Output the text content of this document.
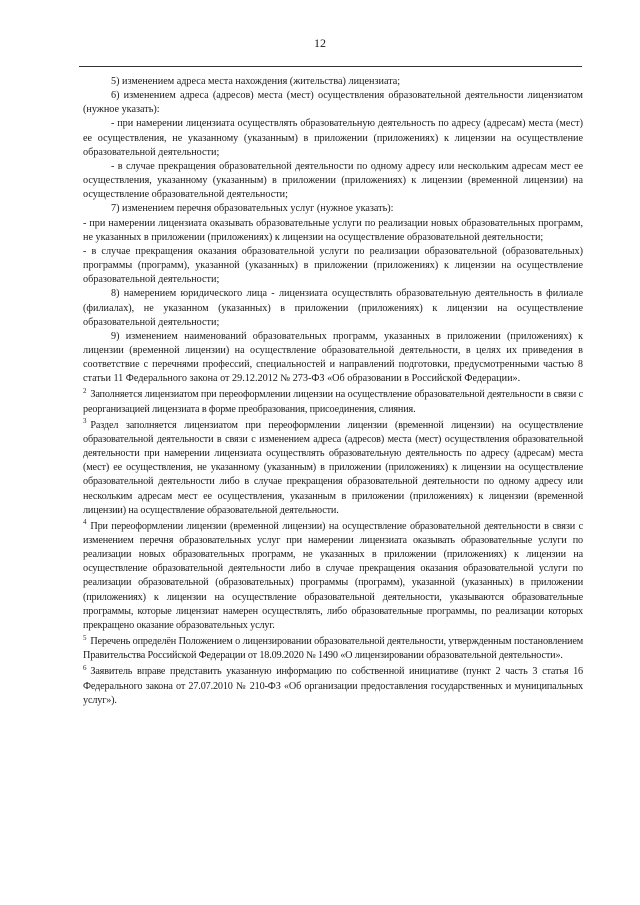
12

5) изменением адреса места нахождения (жительства) лицензиата;

6) изменением адреса (адресов) места (мест) осуществления образовательной деятельности лицензиатом (нужное указать):

- при намерении лицензиата осуществлять образовательную деятельность по адресу (адресам) места (мест) ее осуществления, не указанному (указанным) в приложении (приложениях) к лицензии на осуществление образовательной деятельности;

- в случае прекращения образовательной деятельности по одному адресу или нескольким адресам мест ее осуществления, указанному (указанным) в приложении (приложениях) к лицензии (временной лицензии) на осуществление образовательной деятельности;

7) изменением перечня образовательных услуг (нужное указать):

- при намерении лицензиата оказывать образовательные услуги по реализации новых образовательных программ, не указанных в приложении (приложениях) к лицензии на осуществление образовательной деятельности;

- в случае прекращения оказания образовательной услуги по реализации образовательной (образовательных) программы (программ), указанной (указанных) в приложении (приложениях) к лицензии на осуществление образовательной деятельности;

8) намерением юридического лица - лицензиата осуществлять образовательную деятельность в филиале (филиалах), не указанном (указанных) в приложении (приложениях) к лицензии на осуществление образовательной деятельности;

9) изменением наименований образовательных программ, указанных в приложении (приложениях) к лицензии (временной лицензии) на осуществление образовательной деятельности, в целях их приведения в соответствие с перечнями профессий, специальностей и направлений подготовки, предусмотренными частью 8 статьи 11 Федерального закона от 29.12.2012 № 273-ФЗ «Об образовании в Российской Федерации».

$^2$ Заполняется лицензиатом при переоформлении лицензии на осуществление образовательной деятельности в связи с реорганизацией лицензиата в форме преобразования, присоединения, слияния.

$^3$ Раздел заполняется лицензиатом при переоформлении лицензии (временной лицензии) на осуществление образовательной деятельности в связи с изменением адреса (адресов) места (мест) осуществления образовательной деятельности при намерении лицензиата осуществлять образовательную деятельность по адресу (адресам) места (мест) ее осуществления, не указанному (указанным) в приложении (приложениях) к лицензии на осуществление образовательной деятельности либо в случае прекращения образовательной деятельности по одному адресу или нескольким адресам мест ее осуществления, указанным в приложении (приложениях) к лицензии (временной лицензии) на осуществление образовательной деятельности.

$^4$ При переоформлении лицензии (временной лицензии) на осуществление образовательной деятельности в связи с изменением перечня образовательных услуг при намерении лицензиата оказывать образовательные услуги по реализации новых образовательных программ, не указанных в приложении (приложениях) к лицензии на осуществление образовательной деятельности либо в случае прекращения оказания образовательной услуги по реализации образовательной (образовательных) программы (программ), указанной (указанных) в приложении (приложениях) к лицензии на осуществление образовательной деятельности, указываются образовательные программы, которые лицензиат намерен осуществлять, либо образовательные программы, по реализации которых прекращено оказание образовательных услуг.

$^5$ Перечень определён Положением о лицензировании образовательной деятельности, утвержденным постановлением Правительства Российской Федерации от 18.09.2020 № 1490 «О лицензировании образовательной деятельности».

$^6$ Заявитель вправе представить указанную информацию по собственной инициативе (пункт 2 часть 3 статья 16 Федерального закона от 27.07.2010 № 210-ФЗ «Об организации предоставления государственных и муниципальных услуг»).
